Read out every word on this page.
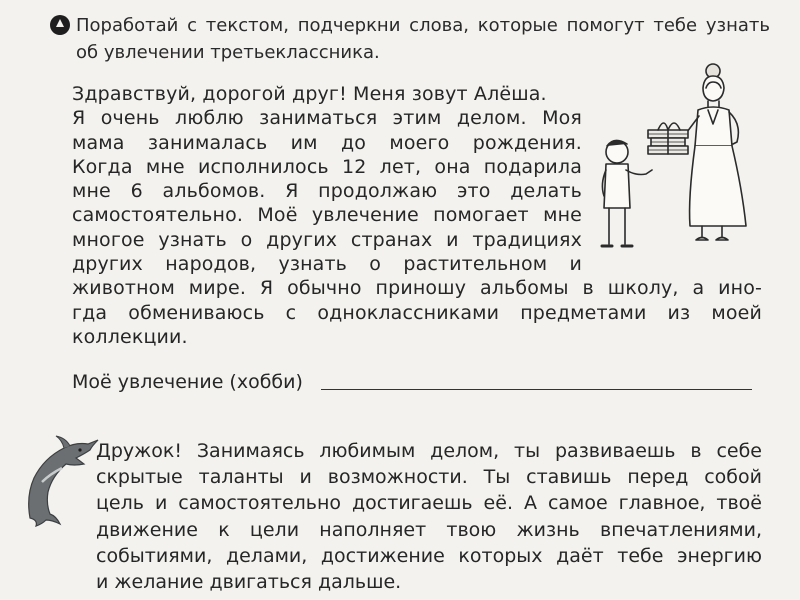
Поработай с текстом, подчеркни слова, которые помогут тебе узнать об увлечении третьеклассника.

Здравствуй, дорогой друг! Меня зовут Алёша.
Я очень люблю заниматься этим делом. Моя
мама занималась им до моего рождения.
Когда мне исполнилось 12 лет, она подарила
мне 6 альбомов. Я продолжаю это делать
самостоятельно. Моё увлечение помогает мне
многое узнать о других странах и традициях
других народов, узнать о растительном и
животном мире. Я обычно приношу альбомы в школу, а ино-
гда обмениваюсь с одноклассниками предметами из моей
коллекции.
Моё увлечение (хобби)
Дружок! Занимаясь любимым делом, ты развиваешь в себе
скрытые таланты и возможности. Ты ставишь перед собой
цель и самостоятельно достигаешь её. А самое главное, твоё
движение к цели наполняет твою жизнь впечатлениями,
событиями, делами, достижение которых даёт тебе энергию
и желание двигаться дальше.
